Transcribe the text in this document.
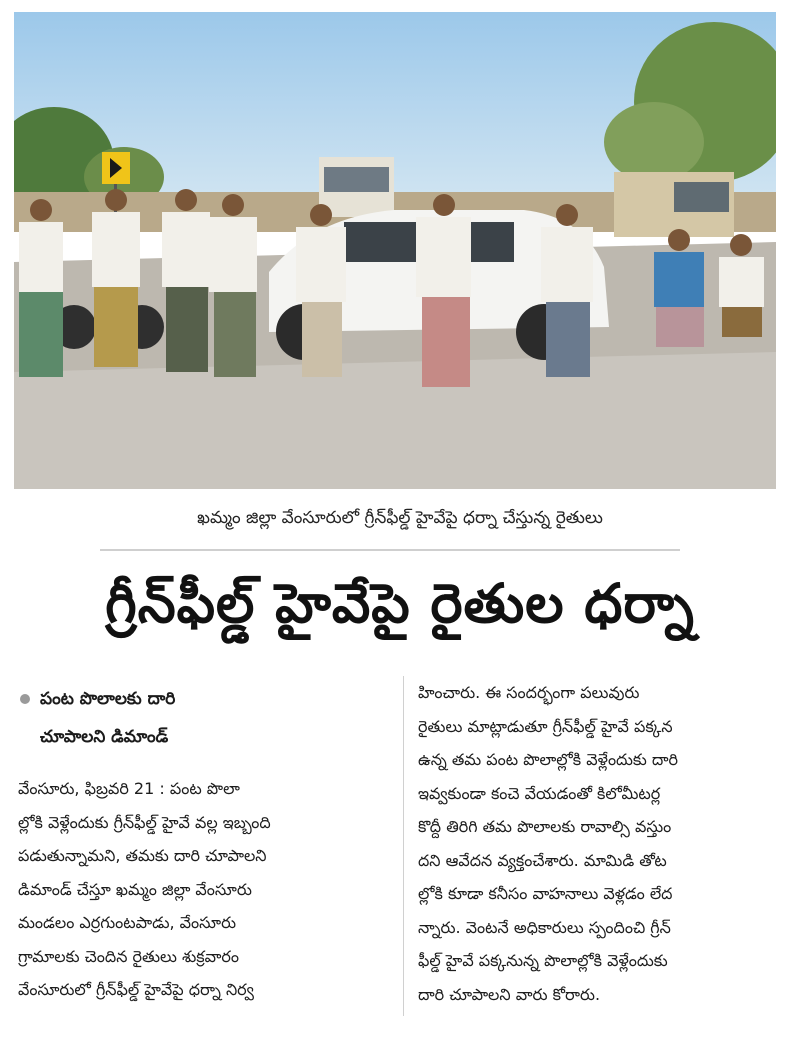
ఖమ్మం జిల్లా వేంసూరులో గ్రీన్‌ఫీల్డ్ హైవేపై ధర్నా చేస్తున్న రైతులు
గ్రీన్‌ఫీల్డ్ హైవేపై రైతుల ధర్నా
పంట పొలాలకు దారి
చూపాలని డిమాండ్
వేంసూరు, ఫిబ్రవరి 21 : పంట పొలా
ల్లోకి వెళ్లేందుకు గ్రీన్‌ఫీల్డ్ హైవే వల్ల ఇబ్బంది
పడుతున్నామని, తమకు దారి చూపాలని
డిమాండ్ చేస్తూ ఖమ్మం జిల్లా వేంసూరు
మండలం ఎర్రగుంటపాడు, వేంసూరు
గ్రామాలకు చెందిన రైతులు శుక్రవారం
వేంసూరులో గ్రీన్‌ఫీల్డ్ హైవేపై ధర్నా నిర్వ
హించారు. ఈ సందర్భంగా పలువురు
రైతులు మాట్లాడుతూ గ్రీన్‌ఫీల్డ్ హైవే పక్కన
ఉన్న తమ పంట పొలాల్లోకి వెళ్లేందుకు దారి
ఇవ్వకుండా కంచె వేయడంతో కిలోమీటర్ల
కొద్దీ తిరిగి తమ పొలాలకు రావాల్సి వస్తుం
దని ఆవేదన వ్యక్తంచేశారు. మామిడి తోట
ల్లోకి కూడా కనీసం వాహనాలు వెళ్లడం లేద
న్నారు. వెంటనే అధికారులు స్పందించి గ్రీన్
ఫీల్డ్ హైవే పక్కనున్న పొలాల్లోకి వెళ్లేందుకు
దారి చూపాలని వారు కోరారు.
